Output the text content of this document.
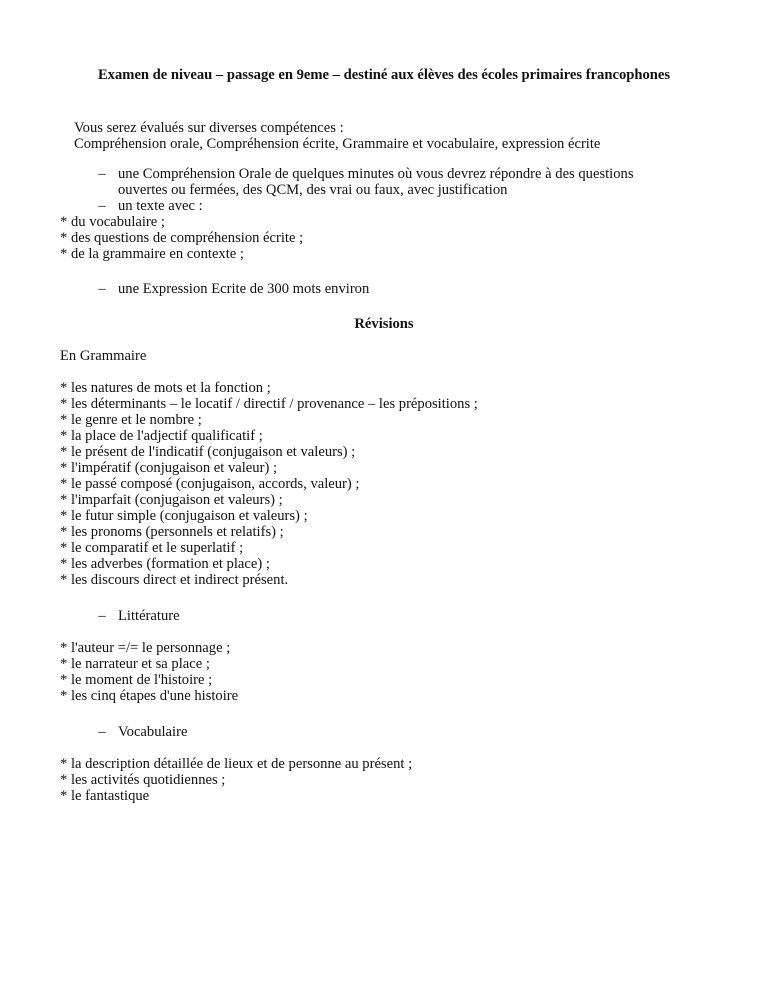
Examen de niveau – passage en 9eme – destiné aux élèves des écoles primaires francophones
Vous serez évalués sur diverses compétences :
Compréhension orale, Compréhension écrite, Grammaire et vocabulaire, expression écrite
– une Compréhension Orale de quelques minutes où vous devrez répondre à des questions
ouvertes ou fermées, des QCM, des vrai ou faux, avec justification
– un texte avec :
* du vocabulaire ;
* des questions de compréhension écrite ;
* de la grammaire en contexte ;
– une Expression Ecrite de 300 mots environ
Révisions
En Grammaire
* les natures de mots et la fonction ;
* les déterminants – le locatif / directif / provenance – les prépositions ;
* le genre et le nombre ;
* la place de l'adjectif qualificatif ;
* le présent de l'indicatif (conjugaison et valeurs) ;
* l'impératif (conjugaison et valeur) ;
* le passé composé (conjugaison, accords, valeur) ;
* l'imparfait (conjugaison et valeurs) ;
* le futur simple (conjugaison et valeurs) ;
* les pronoms (personnels et relatifs) ;
* le comparatif et le superlatif ;
* les adverbes (formation et place) ;
* les discours direct et indirect présent.
– Littérature
* l'auteur =/= le personnage ;
* le narrateur et sa place ;
* le moment de l'histoire ;
* les cinq étapes d'une histoire
– Vocabulaire
* la description détaillée de lieux et de personne au présent ;
* les activités quotidiennes ;
* le fantastique
